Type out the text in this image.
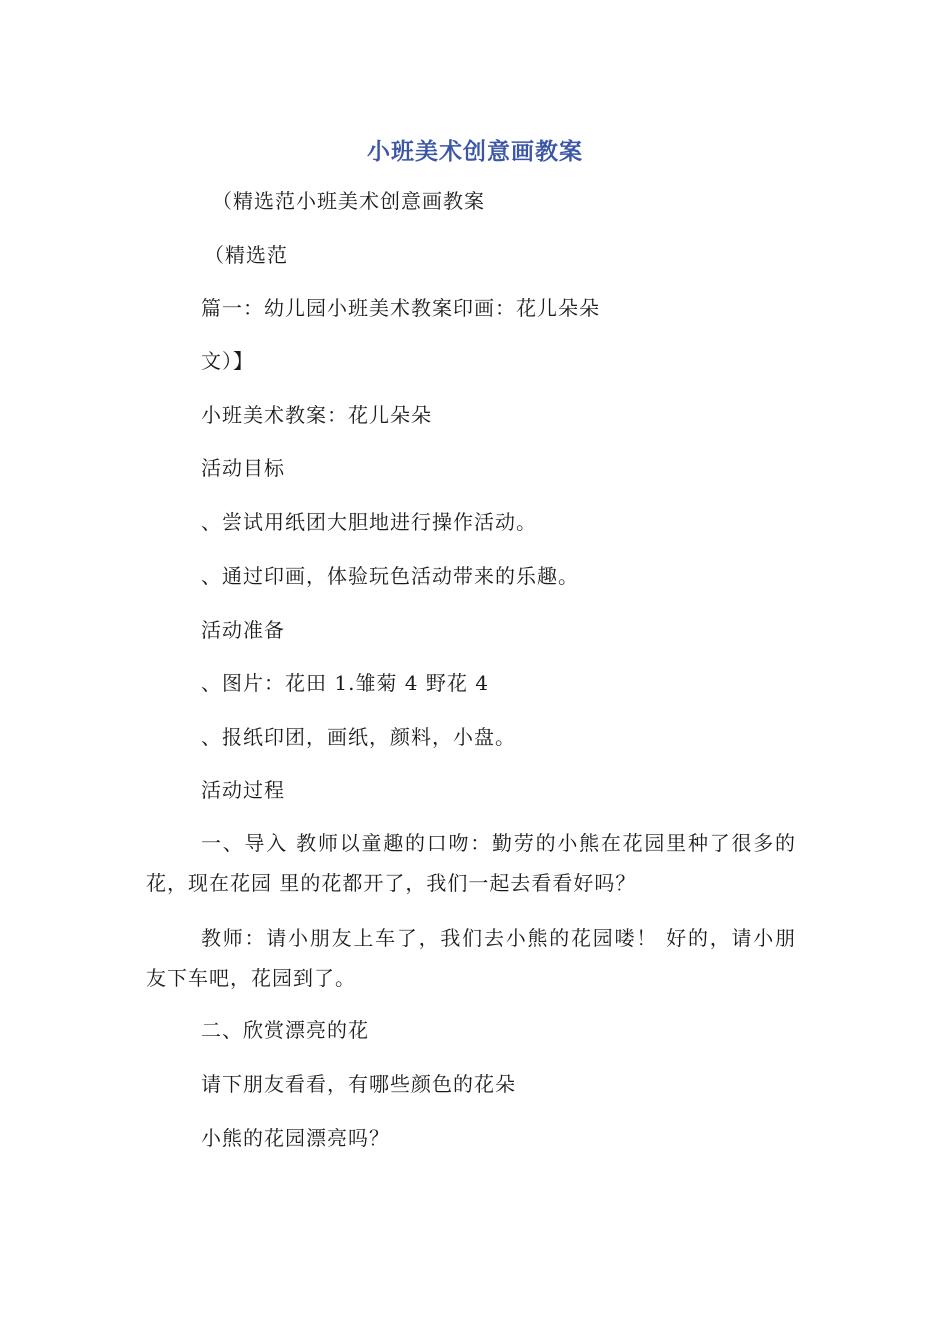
小班美术创意画教案
（精选范小班美术创意画教案
（精选范
篇一：幼儿园小班美术教案印画：花儿朵朵
文）】
小班美术教案：花儿朵朵
活动目标
、尝试用纸团大胆地进行操作活动。
、通过印画，体验玩色活动带来的乐趣。
活动准备
、图片：花田 1.雏菊 4 野花 4
、报纸印团，画纸，颜料，小盘。
活动过程
一、导入 教师以童趣的口吻：勤劳的小熊在花园里种了很多的花，现在花园 里的花都开了，我们一起去看看好吗？
教师：请小朋友上车了，我们去小熊的花园喽！ 好的，请小朋友下车吧，花园到了。
二、欣赏漂亮的花
请下朋友看看，有哪些颜色的花朵
小熊的花园漂亮吗？
